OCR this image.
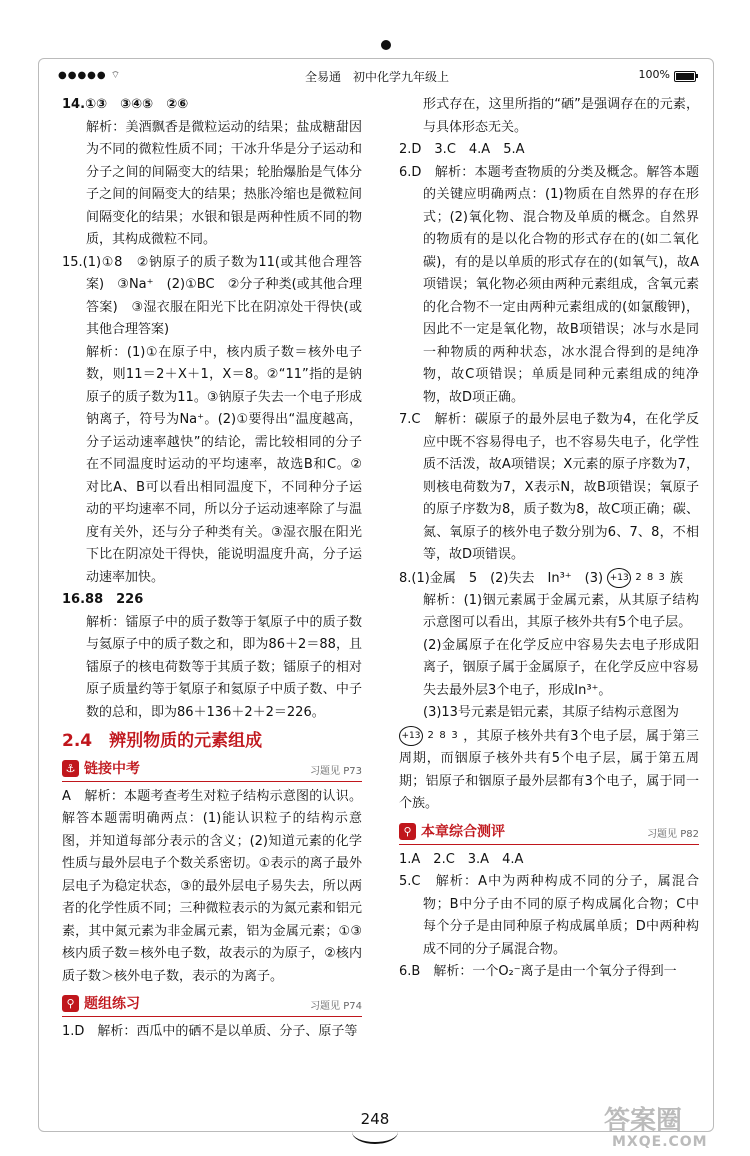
●●●●● ⌔	全易通　初中化学九年级上	100%

14.①③　③④⑤　②⑥

解析：美酒飘香是微粒运动的结果；盐成糖甜因为不同的微粒性质不同；干冰升华是分子运动和分子之间的间隔变大的结果；轮胎爆胎是气体分子之间的间隔变大的结果；热胀冷缩也是微粒间间隔变化的结果；水银和银是两种性质不同的物质，其构成微粒不同。

15.(1)①8　②钠原子的质子数为11(或其他合理答案)　③Na⁺　(2)①BC　②分子种类(或其他合理答案)　③湿衣服在阳光下比在阴凉处干得快(或其他合理答案)

解析：(1)①在原子中，核内质子数＝核外电子数，则11＝2＋X＋1，X＝8。②“11”指的是钠原子的质子数为11。③钠原子失去一个电子形成钠离子，符号为Na⁺。(2)①要得出“温度越高，分子运动速率越快”的结论，需比较相同的分子在不同温度时运动的平均速率，故选B和C。②对比A、B可以看出相同温度下，不同种分子运动的平均速率不同，所以分子运动速率除了与温度有关外，还与分子种类有关。③湿衣服在阳光下比在阴凉处干得快，能说明温度升高，分子运动速率加快。

16.88　226

解析：镭原子中的质子数等于氡原子中的质子数与氦原子中的质子数之和，即为86＋2＝88，且镭原子的核电荷数等于其质子数；镭原子的相对原子质量约等于氡原子和氦原子中质子数、中子数的总和，即为86＋136＋2＋2＝226。

2.4　辨别物质的元素组成
⚓ 链接中考	习题见 P73

A　解析：本题考查考生对粒子结构示意图的认识。解答本题需明确两点：(1)能认识粒子的结构示意图，并知道每部分表示的含义；(2)知道元素的化学性质与最外层电子个数关系密切。①表示的离子最外层电子为稳定状态，③的最外层电子易失去，所以两者的化学性质不同；三种微粒表示的为氮元素和铝元素，其中氮元素为非金属元素，铝为金属元素；①③核内质子数＝核外电子数，故表示的为原子，②核内质子数＞核外电子数，表示的为离子。

⚲ 题组练习	习题见 P74

1.D　解析：西瓜中的硒不是以单质、分子、原子等

形式存在，这里所指的“硒”是强调存在的元素，与具体形态无关。

2.D　3.C　4.A　5.A

6.D　解析：本题考查物质的分类及概念。解答本题的关键应明确两点：(1)物质在自然界的存在形式；(2)氧化物、混合物及单质的概念。自然界的物质有的是以化合物的形式存在的(如二氧化碳)，有的是以单质的形式存在的(如氧气)，故A项错误；氧化物必须由两种元素组成，含氧元素的化合物不一定由两种元素组成的(如氯酸钾)，因此不一定是氧化物，故B项错误；冰与水是同一种物质的两种状态，冰水混合得到的是纯净物，故C项错误；单质是同种元素组成的纯净物，故D项正确。

7.C　解析：碳原子的最外层电子数为4，在化学反应中既不容易得电子，也不容易失电子，化学性质不活泼，故A项错误；X元素的原子序数为7，则核电荷数为7，X表示N，故B项错误；氧原子的原子序数为8，质子数为8，故C项正确；碳、氮、氧原子的核外电子数分别为6、7、8，不相等，故D项错误。

8.(1)金属　5　(2)失去　In³⁺　(3) +13 2 8 3 族

解析：(1)铟元素属于金属元素，从其原子结构示意图可以看出，其原子核外共有5个电子层。

(2)金属原子在化学反应中容易失去电子形成阳离子，铟原子属于金属原子，在化学反应中容易失去最外层3个电子，形成In³⁺。

(3)13号元素是铝元素，其原子结构示意图为

+13 2 8 3 ，其原子核外共有3个电子层，属于第三周期，而铟原子核外共有5个电子层，属于第五周期；铝原子和铟原子最外层都有3个电子，属于同一个族。

⚲ 本章综合测评	习题见 P82

1.A　2.C　3.A　4.A

5.C　解析：A中为两种构成不同的分子，属混合物；B中分子由不同的原子构成属化合物；C中每个分子是由同种原子构成属单质；D中两种构成不同的分子属混合物。

6.B　解析：一个O₂⁻离子是由一个氧分子得到一

248	答案圈
MXQE.COM
